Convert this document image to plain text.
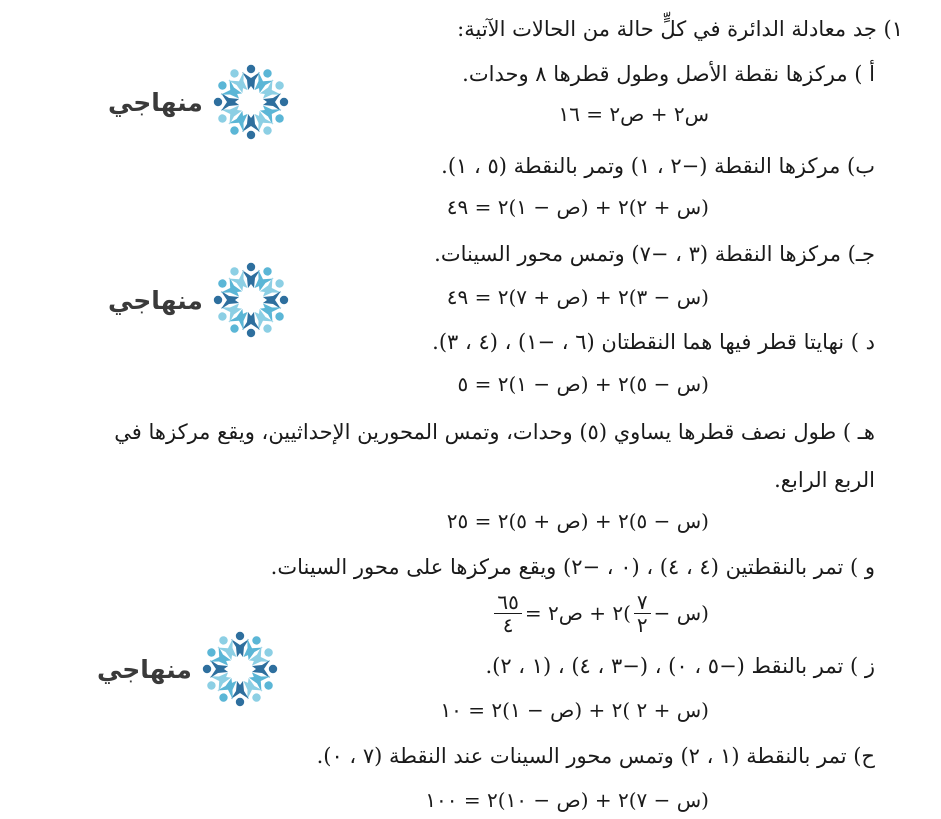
١) جد معادلة الدائرة في كلٍّ حالة من الحالات الآتية:
أ ) مركزها نقطة الأصل وطول قطرها ٨ وحدات.
س٢ + ص٢ = ١٦
ب) مركزها النقطة (−٢ ، ١) وتمر بالنقطة (٥ ، ١).
(س + ٢)٢ + (ص − ١)٢ = ٤٩
جـ) مركزها النقطة (٣ ، −٧) وتمس محور السينات.
(س − ٣)٢ + (ص + ٧)٢ = ٤٩
د ) نهايتا قطر فيها هما النقطتان (٦ ، −١) ، (٤ ، ٣).
(س − ٥)٢ + (ص − ١)٢ = ٥
هـ ) طول نصف قطرها يساوي (٥) وحدات، وتمس المحورين الإحداثيين، ويقع مركزها في
الربع الرابع.
(س − ٥)٢ + (ص + ٥)٢ = ٢٥
و ) تمر بالنقطتين (٤ ، ٤) ، (٠ ، −٢) ويقع مركزها على محور السينات.
(س −
$\frac{٧}{٢}$
)٢ + ص٢ =
$\frac{٦٥}{٤}$
ز ) تمر بالنقط (−٥ ، ٠) ، (−٣ ، ٤) ، (١ ، ٢).
(س + ٢ )٢ + (ص − ١)٢ = ١٠
ح) تمر بالنقطة (١ ، ٢) وتمس محور السينات عند النقطة (٧ ، ٠).
(س − ٧)٢ + (ص − ١٠)٢ = ١٠٠
منهاجي
منهاجي
منهاجي
